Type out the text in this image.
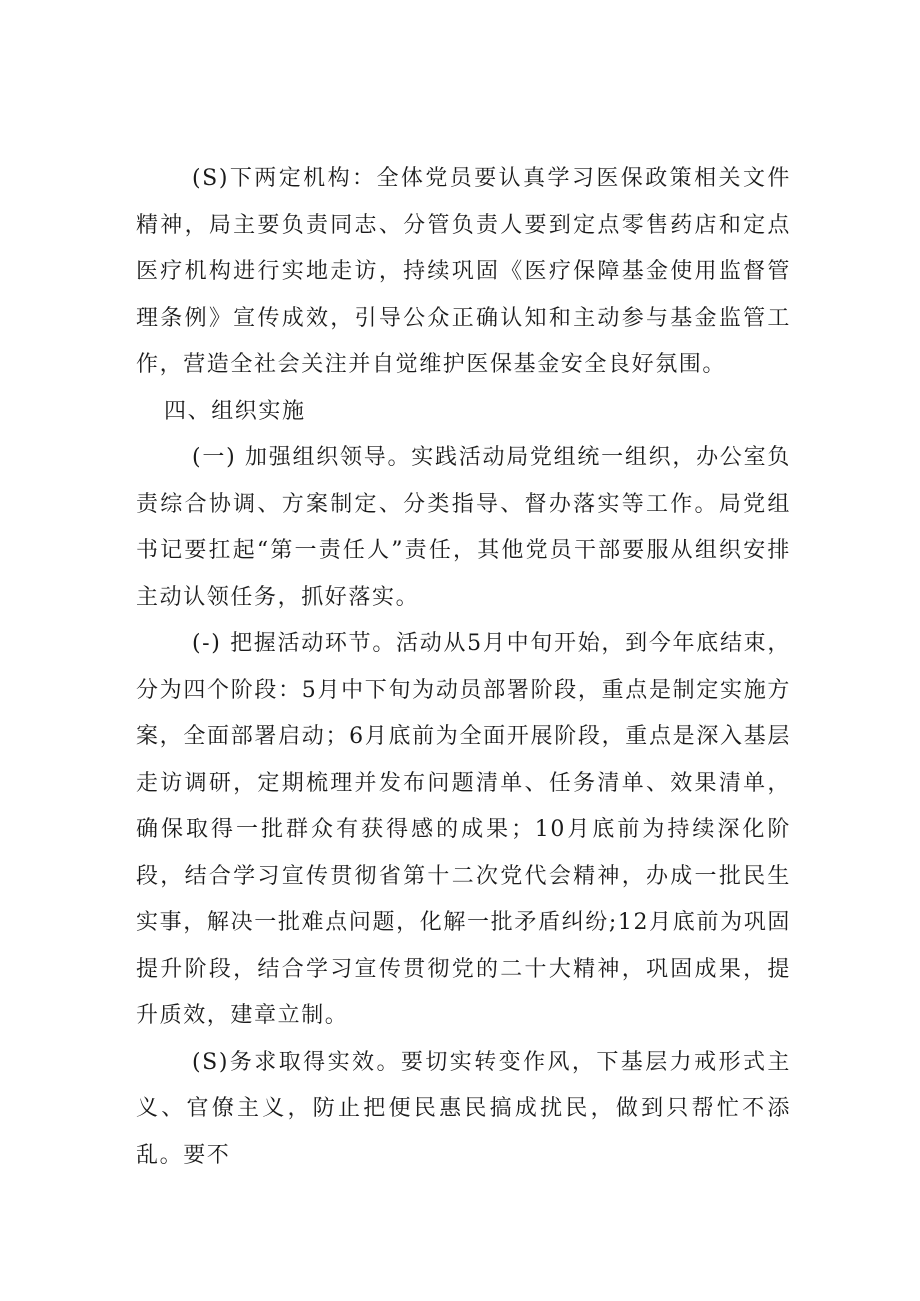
(S)下两定机构：全体党员要认真学习医保政策相关文件精神，局主要负责同志、分管负责人要到定点零售药店和定点医疗机构进行实地走访，持续巩固《医疗保障基金使用监督管理条例》宣传成效，引导公众正确认知和主动参与基金监管工作，营造全社会关注并自觉维护医保基金安全良好氛围。

四、组织实施

(一) 加强组织领导。实践活动局党组统一组织，办公室负责综合协调、方案制定、分类指导、督办落实等工作。局党组书记要扛起“第一责任人”责任，其他党员干部要服从组织安排主动认领任务，抓好落实。

(-) 把握活动环节。活动从5月中旬开始，到今年底结束，分为四个阶段：5月中下旬为动员部署阶段，重点是制定实施方案，全面部署启动；6月底前为全面开展阶段，重点是深入基层走访调研，定期梳理并发布问题清单、任务清单、效果清单，确保取得一批群众有获得感的成果；10月底前为持续深化阶段，结合学习宣传贯彻省第十二次党代会精神，办成一批民生实事，解决一批难点问题，化解一批矛盾纠纷;12月底前为巩固提升阶段，结合学习宣传贯彻党的二十大精神，巩固成果，提升质效，建章立制。

(S)务求取得实效。要切实转变作风，下基层力戒形式主义、官僚主义，防止把便民惠民搞成扰民，做到只帮忙不添乱。要不
